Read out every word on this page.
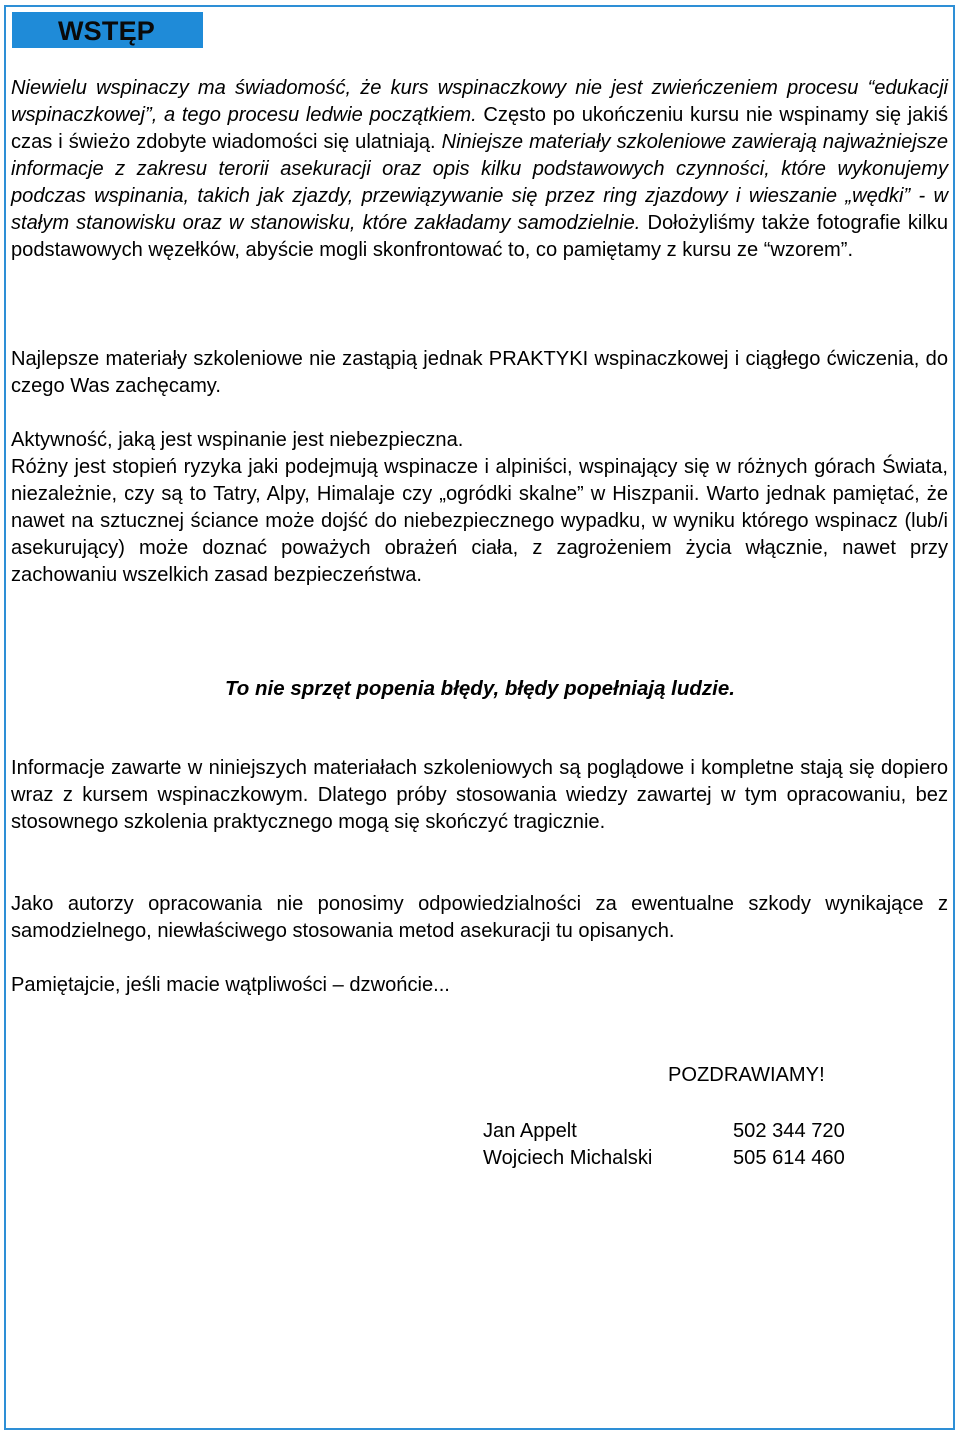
WSTĘP

Niewielu wspinaczy ma świadomość, że kurs wspinaczkowy nie jest zwieńczeniem procesu “edukacji wspinaczkowej”, a tego procesu ledwie początkiem. Często po ukończeniu kursu nie wspinamy się jakiś czas i świeżo zdobyte wiadomości się ulatniają. Niniejsze materiały szkoleniowe zawierają najważniejsze informacje z zakresu terorii asekuracji oraz opis kilku podstawowych czynności, które wykonujemy podczas wspinania, takich jak zjazdy, przewiązywanie się przez ring zjazdowy i wieszanie „wędki” - w stałym stanowisku oraz w stanowisku, które zakładamy samodzielnie. Dołożyliśmy także fotografie kilku podstawowych węzełków, abyście mogli skonfrontować to, co pamiętamy z kursu ze “wzorem”.

Najlepsze materiały szkoleniowe nie zastąpią jednak PRAKTYKI wspinaczkowej i ciągłego ćwiczenia, do czego Was zachęcamy.

Aktywność, jaką jest wspinanie jest niebezpieczna.
Różny jest stopień ryzyka jaki podejmują wspinacze i alpiniści, wspinający się w różnych górach Świata, niezależnie, czy są to Tatry, Alpy, Himalaje czy „ogródki skalne” w Hiszpanii. Warto jednak pamiętać, że nawet na sztucznej ściance może dojść do niebezpiecznego wypadku, w wyniku którego wspinacz (lub/i asekurujący) może doznać poważych obrażeń ciała, z zagrożeniem życia włącznie, nawet przy zachowaniu wszelkich zasad bezpieczeństwa.

To nie sprzęt popenia błędy, błędy popełniają ludzie.

Informacje zawarte w niniejszych materiałach szkoleniowych są poglądowe i kompletne stają się dopiero wraz z kursem wspinaczkowym. Dlatego próby stosowania wiedzy zawartej w tym opracowaniu, bez stosownego szkolenia praktycznego mogą się skończyć tragicznie.

Jako autorzy opracowania nie ponosimy odpowiedzialności za ewentualne szkody wynikające z samodzielnego, niewłaściwego stosowania metod asekuracji tu opisanych.

Pamiętajcie, jeśli macie wątpliwości – dzwońcie...

POZDRAWIAMY!
Jan Appelt	502 344 720
Wojciech Michalski	505 614 460
